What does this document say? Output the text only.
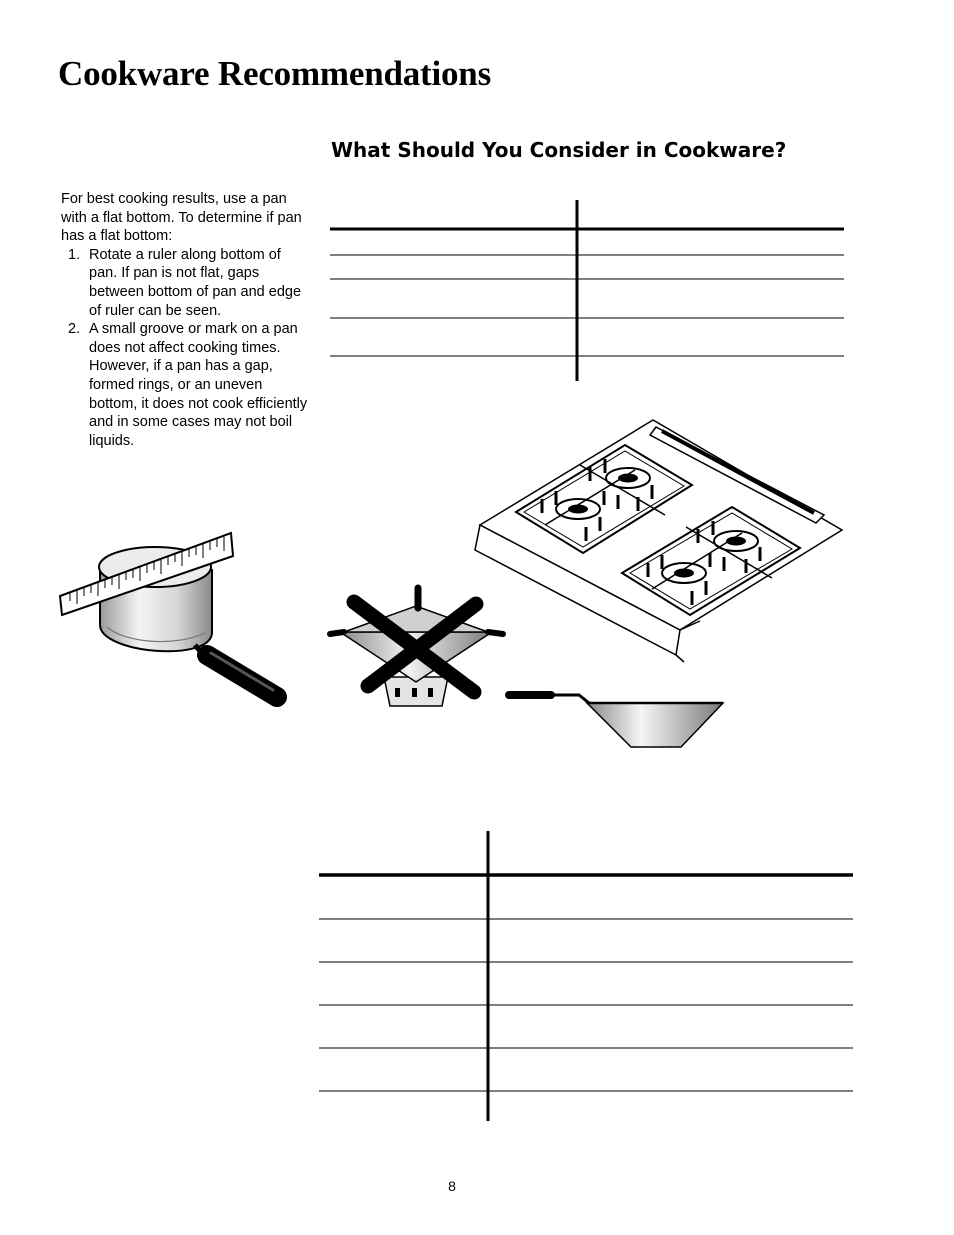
Cookware Recommendations
What Should You Consider in Cookware?

For best cooking results, use a pan with a flat bottom. To determine if pan has a flat bottom:

1. Rotate a ruler along bottom of pan. If pan is not flat, gaps between bottom of pan and edge of ruler can be seen.
2. A small groove or mark on a pan does not affect cooking times. However, if a pan has a gap, formed rings, or an uneven bottom, it does not cook efficiently and in some cases may not boil liquids.
8
